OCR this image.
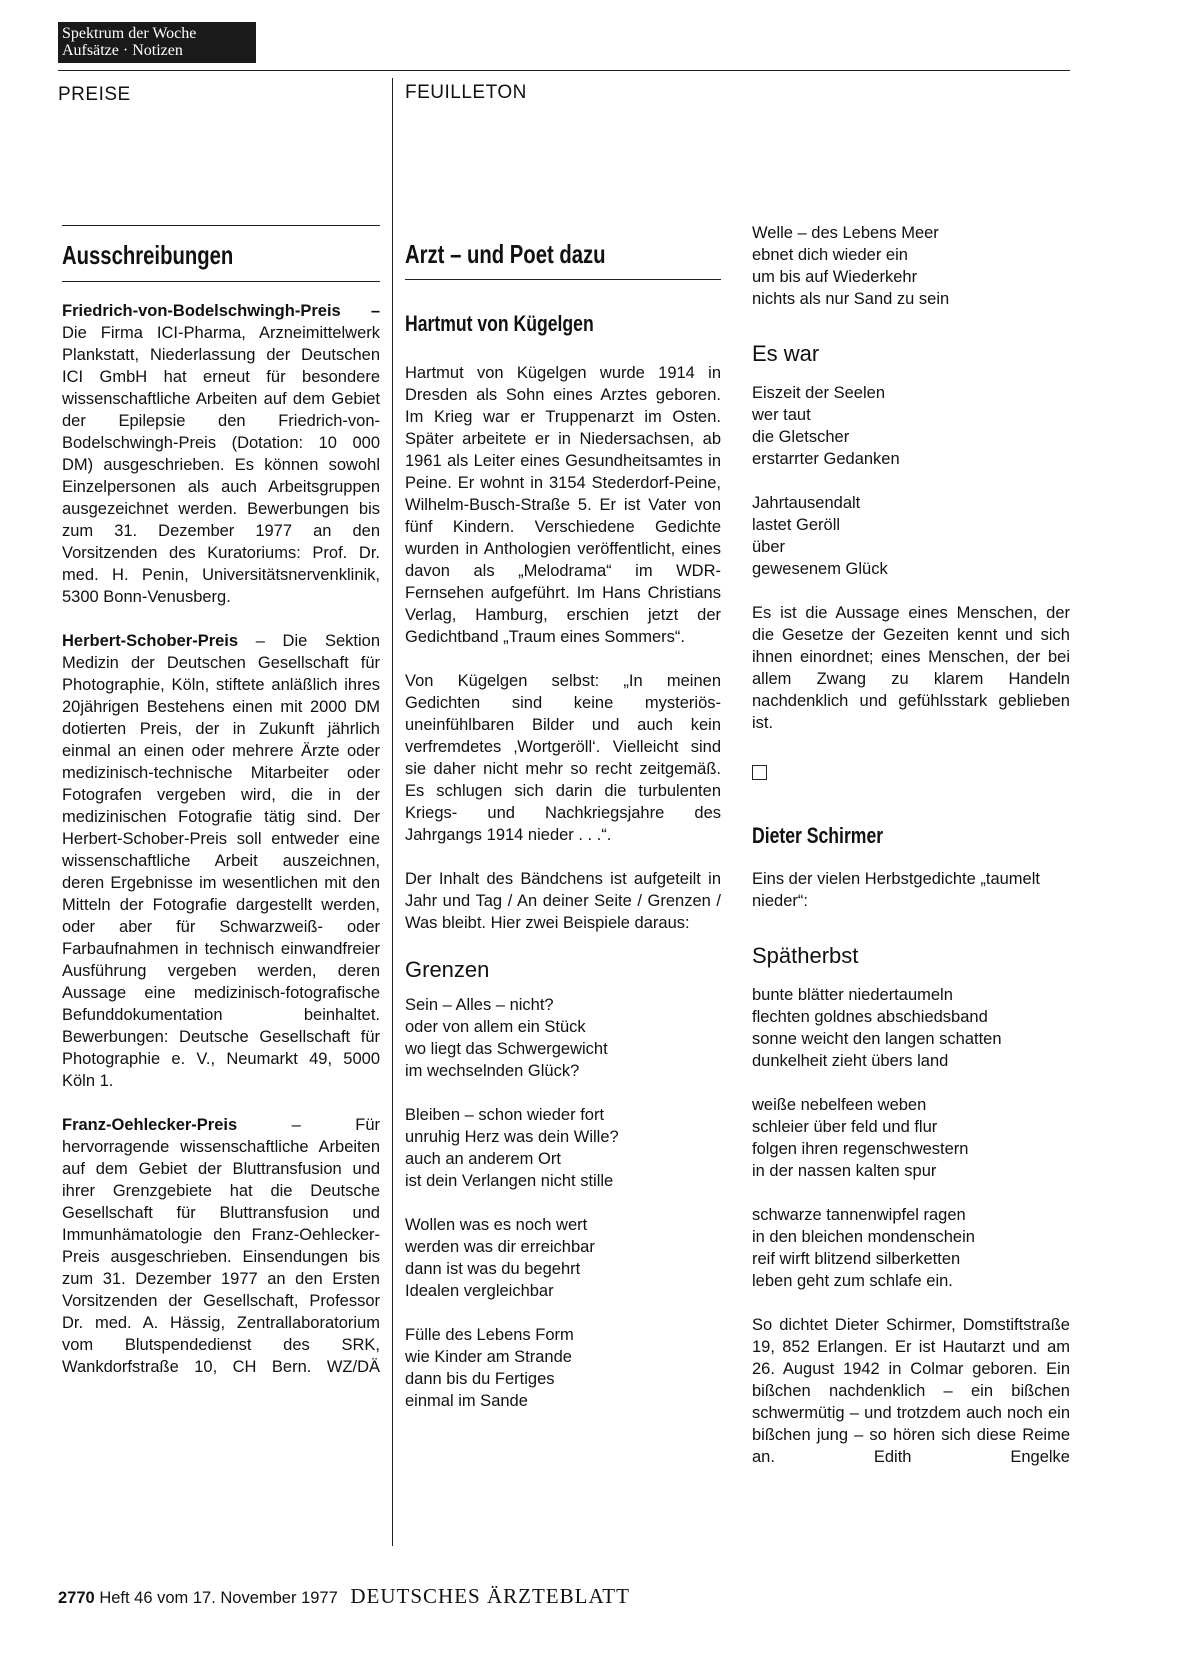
Spektrum der Woche
Aufsätze · Notizen
PREISE	FEUILLETON
Ausschreibungen

Friedrich-von-Bodelschwingh-Preis – Die Firma ICI-Pharma, Arzneimittelwerk Plankstatt, Niederlassung der Deutschen ICI GmbH hat erneut für besondere wissenschaftliche Arbeiten auf dem Gebiet der Epilepsie den Friedrich-von-Bodelschwingh-Preis (Dotation: 10 000 DM) ausgeschrieben. Es können sowohl Einzelpersonen als auch Arbeitsgruppen ausgezeichnet werden. Bewerbungen bis zum 31. Dezember 1977 an den Vorsitzenden des Kuratoriums: Prof. Dr. med. H. Penin, Universitätsnervenklinik, 5300 Bonn-Venusberg.

Herbert-Schober-Preis – Die Sektion Medizin der Deutschen Gesellschaft für Photographie, Köln, stiftete anläßlich ihres 20jährigen Bestehens einen mit 2000 DM dotierten Preis, der in Zukunft jährlich einmal an einen oder mehrere Ärzte oder medizinisch-technische Mitarbeiter oder Fotografen vergeben wird, die in der medizinischen Fotografie tätig sind. Der Herbert-Schober-Preis soll entweder eine wissenschaftliche Arbeit auszeichnen, deren Ergebnisse im wesentlichen mit den Mitteln der Fotografie dargestellt werden, oder aber für Schwarzweiß- oder Farbaufnahmen in technisch einwandfreier Ausführung vergeben werden, deren Aussage eine medizinisch-fotografische Befunddokumentation beinhaltet. Bewerbungen: Deutsche Gesellschaft für Photographie e. V., Neumarkt 49, 5000 Köln 1.

Franz-Oehlecker-Preis	– Für hervorragende wissenschaftliche Arbeiten auf dem Gebiet der Bluttransfusion und ihrer Grenzgebiete hat die Deutsche Gesellschaft für Bluttransfusion und Immunhämatologie den Franz-Oehlecker-Preis ausgeschrieben. Einsendungen bis zum 31. Dezember 1977 an den Ersten Vorsitzenden der Gesellschaft, Professor Dr. med. A. Hässig, Zentrallaboratorium vom Blutspendedienst des SRK, Wankdorfstraße 10, CH Bern. WZ/DÄ

Arzt – und Poet dazu
Hartmut von Kügelgen

Hartmut von Kügelgen wurde 1914 in Dresden als Sohn eines Arztes geboren. Im Krieg war er Truppenarzt im Osten. Später arbeitete er in Niedersachsen, ab 1961 als Leiter eines Gesundheitsamtes in Peine. Er wohnt in 3154 Stederdorf-Peine, Wilhelm-Busch-Straße 5. Er ist Vater von fünf Kindern. Verschiedene Gedichte wurden in Anthologien veröffentlicht, eines davon als „Melodrama“ im WDR-Fernsehen aufgeführt. Im Hans Christians Verlag, Hamburg, erschien jetzt der Gedichtband „Traum eines Sommers“.

Von Kügelgen selbst: „In meinen Gedichten sind keine mysteriös-uneinfühlbaren Bilder und auch kein verfremdetes ‚Wortgeröll‘. Vielleicht sind sie daher nicht mehr so recht zeitgemäß. Es schlugen sich darin die turbulenten Kriegs- und Nachkriegsjahre des Jahrgangs 1914 nieder . . .“.

Der Inhalt des Bändchens ist aufgeteilt in Jahr und Tag / An deiner Seite / Grenzen / Was bleibt. Hier zwei Beispiele daraus:

Grenzen
Sein – Alles – nicht?
oder von allem ein Stück
wo liegt das Schwergewicht
im wechselnden Glück?
Bleiben – schon wieder fort
unruhig Herz was dein Wille?
auch an anderem Ort
ist dein Verlangen nicht stille
Wollen was es noch wert
werden was dir erreichbar
dann ist was du begehrt
Idealen vergleichbar
Fülle des Lebens Form
wie Kinder am Strande
dann bis du Fertiges
einmal im Sande
Welle – des Lebens Meer
ebnet dich wieder ein
um bis auf Wiederkehr
nichts als nur Sand zu sein
Es war
Eiszeit der Seelen
wer taut
die Gletscher
erstarrter Gedanken
Jahrtausendalt
lastet Geröll
über
gewesenem Glück

Es ist die Aussage eines Menschen, der die Gesetze der Gezeiten kennt und sich ihnen einordnet; eines Menschen, der bei allem Zwang zu klarem Handeln nachdenklich und gefühlsstark geblieben ist.

Dieter Schirmer

Eins der vielen Herbstgedichte „taumelt nieder“:

Spätherbst
bunte blätter niedertaumeln
flechten goldnes abschiedsband
sonne weicht den langen schatten
dunkelheit zieht übers land
weiße nebelfeen weben
schleier über feld und flur
folgen ihren regenschwestern
in der nassen kalten spur
schwarze tannenwipfel ragen
in den bleichen mondenschein
reif wirft blitzend silberketten
leben geht zum schlafe ein.

So dichtet Dieter Schirmer, Domstiftstraße 19, 852 Erlangen. Er ist Hautarzt und am 26. August 1942 in Colmar geboren. Ein bißchen nachdenklich – ein bißchen schwermütig – und trotzdem auch noch ein bißchen jung – so hören sich diese Reime an.	Edith Engelke

2770 Heft 46 vom 17. November 1977 DEUTSCHES ÄRZTEBLATT
